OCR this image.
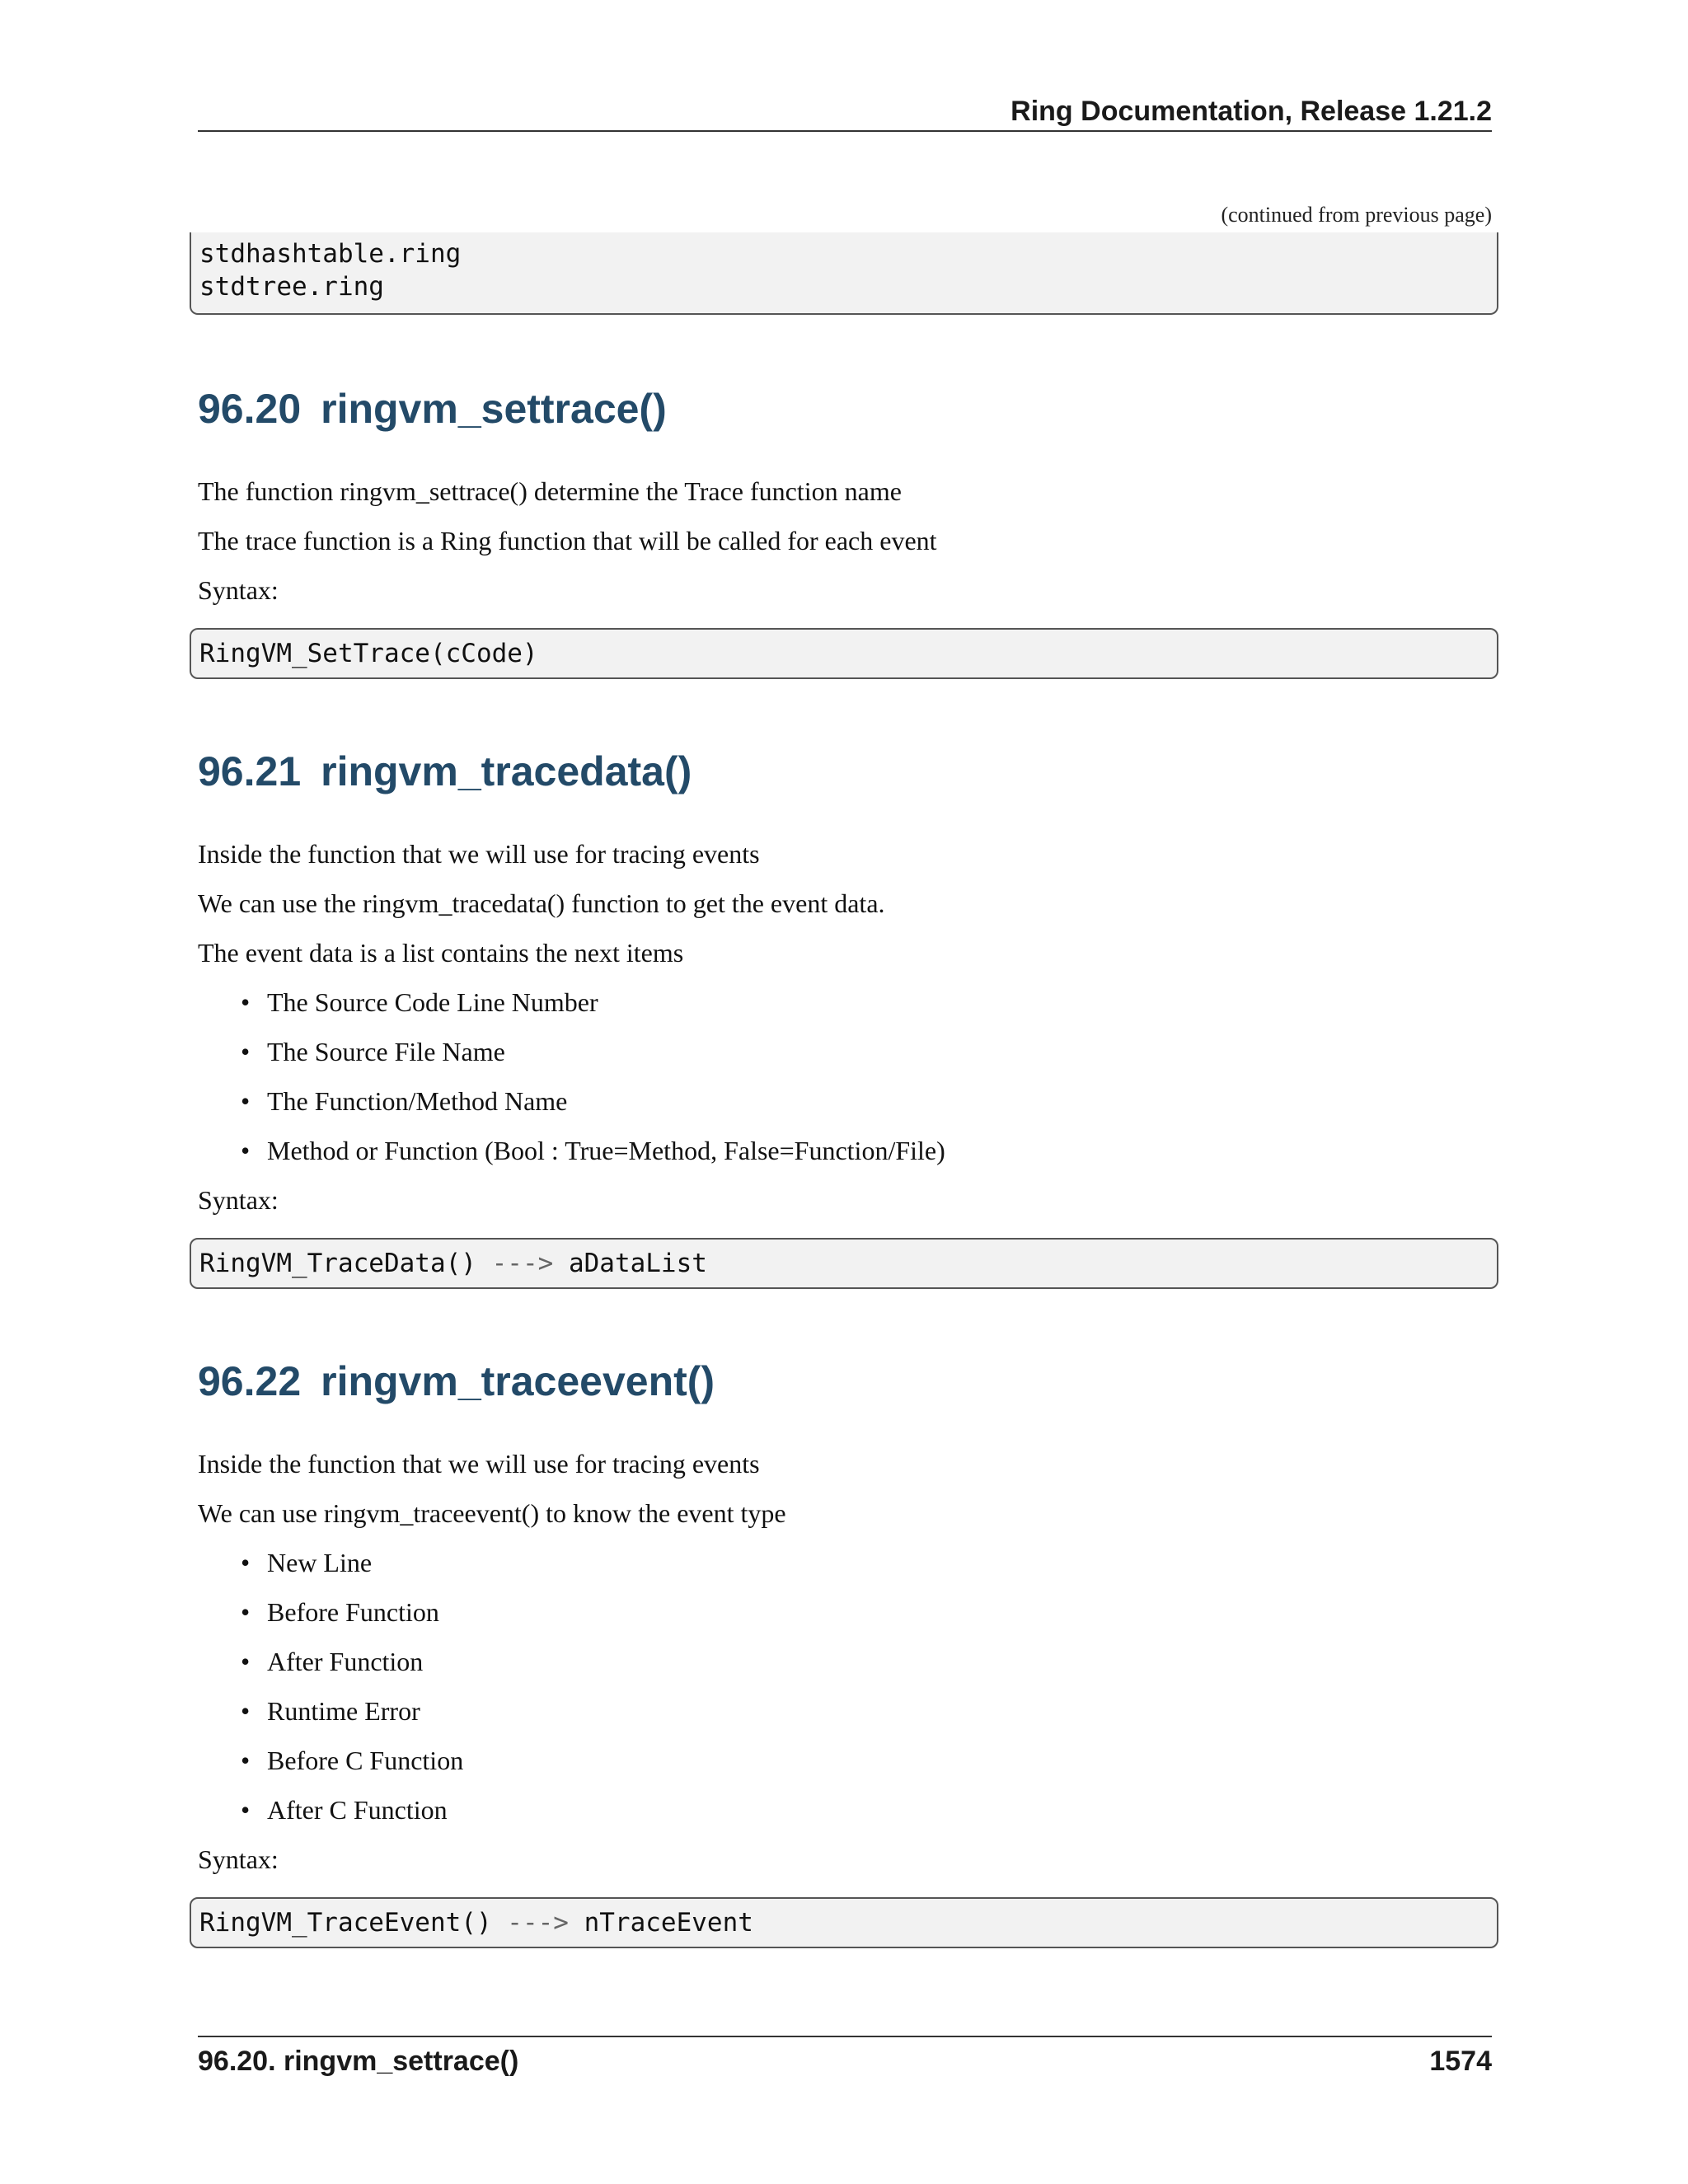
Ring Documentation, Release 1.21.2
(continued from previous page)
stdhashtable.ring
stdtree.ring
96.20 ringvm_settrace()
The function ringvm_settrace() determine the Trace function name
The trace function is a Ring function that will be called for each event
Syntax:
RingVM_SetTrace(cCode)
96.21 ringvm_tracedata()
Inside the function that we will use for tracing events
We can use the ringvm_tracedata() function to get the event data.
The event data is a list contains the next items
• The Source Code Line Number
• The Source File Name
• The Function/Method Name
• Method or Function (Bool : True=Method, False=Function/File)
Syntax:
RingVM_TraceData() ---> aDataList
96.22 ringvm_traceevent()
Inside the function that we will use for tracing events
We can use ringvm_traceevent() to know the event type
• New Line
• Before Function
• After Function
• Runtime Error
• Before C Function
• After C Function
Syntax:
RingVM_TraceEvent() ---> nTraceEvent
96.20. ringvm_settrace()	1574
